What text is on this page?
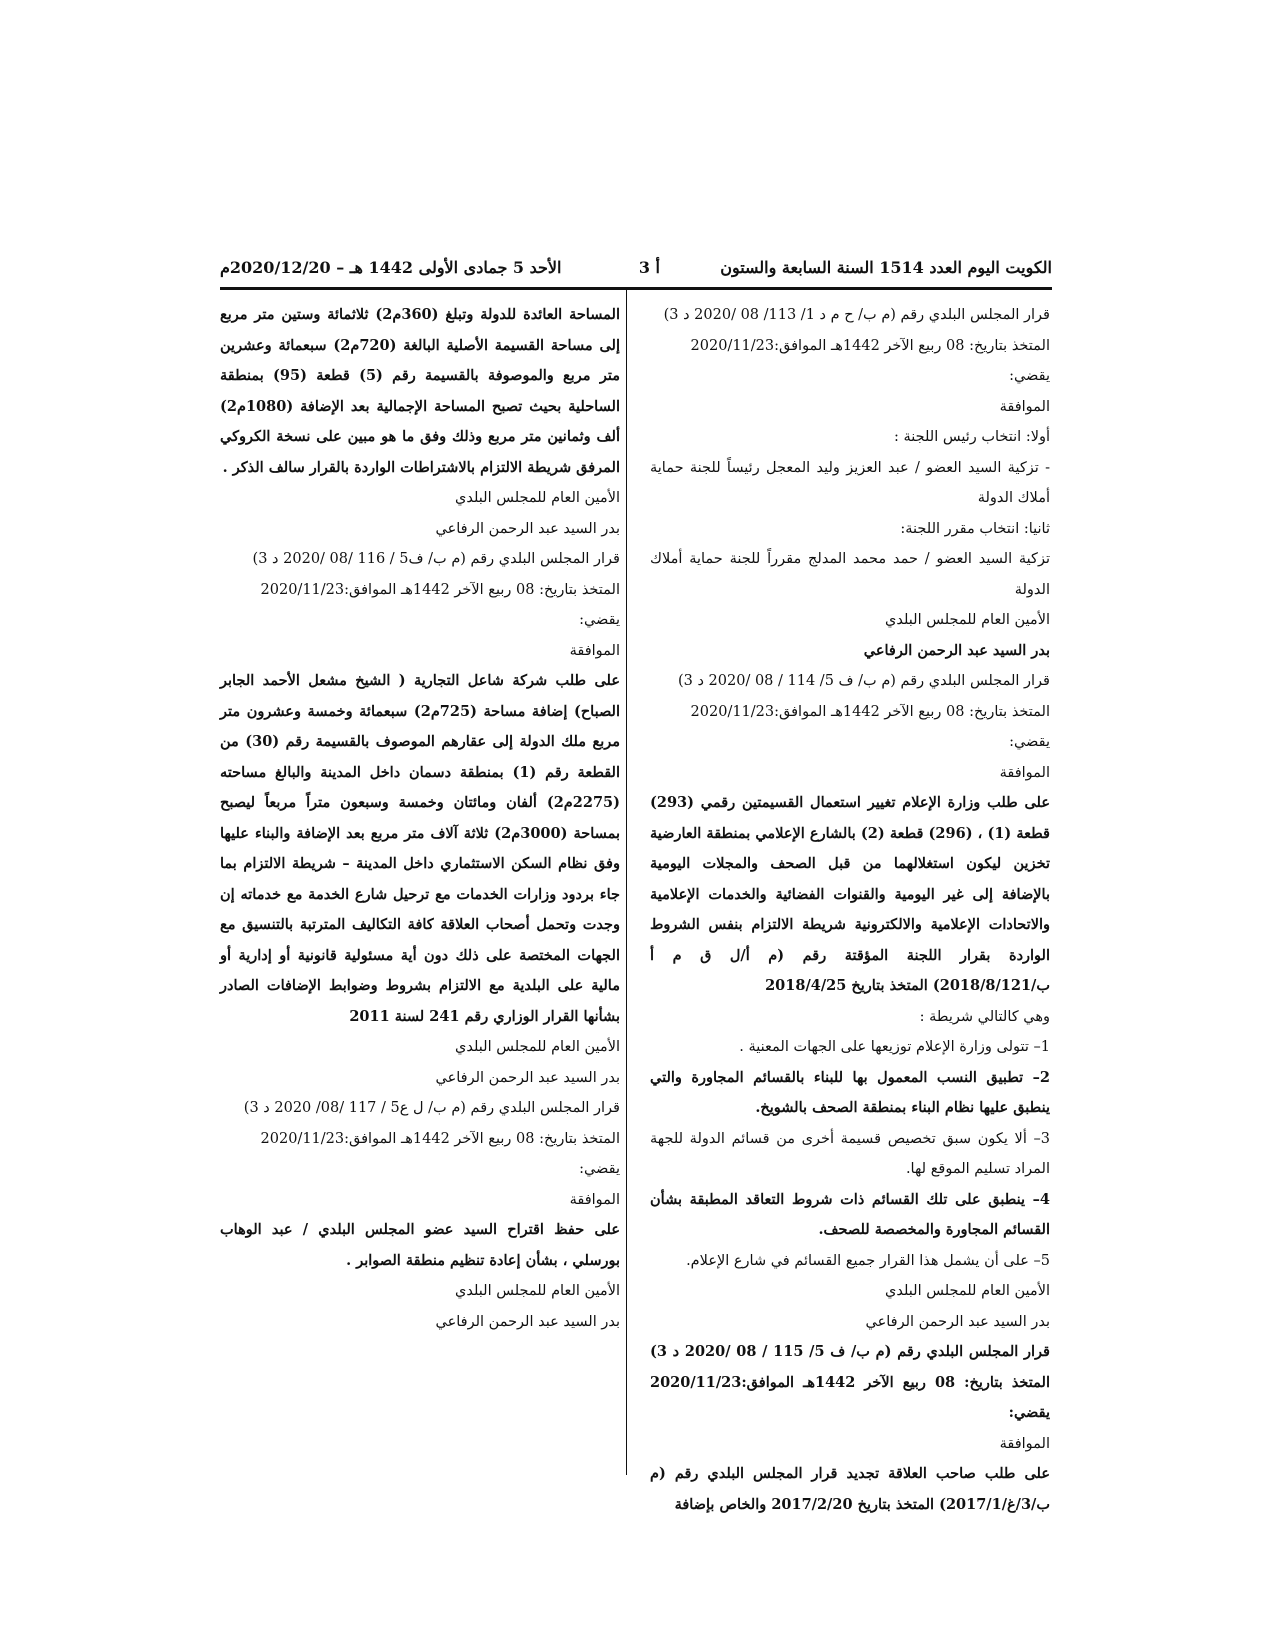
الكويت اليوم العدد 1514 السنة السابعة والستون
أ 3
الأحد 5 جمادى الأولى 1442 هـ – 2020/12/20م

قرار المجلس البلدي رقم (م ب/ ح م د 1/ 113/ 08 /2020 د 3)

المتخذ بتاريخ: 08 ربيع الآخر 1442هـ الموافق:2020/11/23

يقضي:

الموافقة

أولا: انتخاب رئيس اللجنة :

- تزكية السيد العضو / عبد العزيز وليد المعجل رئيساً للجنة حماية أملاك الدولة

ثانيا: انتخاب مقرر اللجنة:

تزكية السيد العضو / حمد محمد المدلج مقرراً للجنة حماية أملاك الدولة

الأمين العام للمجلس البلدي

بدر السيد عبد الرحمن الرفاعي

قرار المجلس البلدي رقم (م ب/ ف 5/ 114 / 08 /2020 د 3)

المتخذ بتاريخ: 08 ربيع الآخر 1442هـ الموافق:2020/11/23

يقضي:

الموافقة

على طلب وزارة الإعلام تغيير استعمال القسيمتين رقمي (293) قطعة (1) ، (296) قطعة (2) بالشارع الإعلامي بمنطقة العارضية تخزين ليكون استغلالهما من قبل الصحف والمجلات اليومية بالإضافة إلى غير اليومية والقنوات الفضائية والخدمات الإعلامية والاتحادات الإعلامية والالكترونية شريطة الالتزام بنفس الشروط الواردة بقرار اللجنة المؤقتة رقم (م أ/ل ق م أ ب/2018/8/121) المتخذ بتاريخ 2018/4/25

وهي كالتالي شريطة :

1– تتولى وزارة الإعلام توزيعها على الجهات المعنية .

2– تطبيق النسب المعمول بها للبناء بالقسائم المجاورة والتي ينطبق عليها نظام البناء بمنطقة الصحف بالشويخ.

3– ألا يكون سبق تخصيص قسيمة أخرى من قسائم الدولة للجهة المراد تسليم الموقع لها.

4– ينطبق على تلك القسائم ذات شروط التعاقد المطبقة بشأن القسائم المجاورة والمخصصة للصحف.

5– على أن يشمل هذا القرار جميع القسائم في شارع الإعلام.

الأمين العام للمجلس البلدي

بدر السيد عبد الرحمن الرفاعي

قرار المجلس البلدي رقم (م ب/ ف 5/ 115 / 08 /2020 د 3) المتخذ بتاريخ: 08 ربيع الآخر 1442هـ الموافق:2020/11/23 يقضي:

الموافقة

على طلب صاحب العلاقة تجديد قرار المجلس البلدي رقم (م ب/3/غ/2017/1) المتخذ بتاريخ 2017/2/20 والخاص بإضافة

المساحة العائدة للدولة وتبلغ (360م2) ثلاثمائة وستين متر مربع إلى مساحة القسيمة الأصلية البالغة (720م2) سبعمائة وعشرين متر مربع والموصوفة بالقسيمة رقم (5) قطعة (95) بمنطقة الساحلية بحيث تصبح المساحة الإجمالية بعد الإضافة (1080م2) ألف وثمانين متر مربع وذلك وفق ما هو مبين على نسخة الكروكي المرفق شريطة الالتزام بالاشتراطات الواردة بالقرار سالف الذكر .

الأمين العام للمجلس البلدي

بدر السيد عبد الرحمن الرفاعي

قرار المجلس البلدي رقم (م ب/ ف5 / 116 /08 /2020 د 3)

المتخذ بتاريخ: 08 ربيع الآخر 1442هـ الموافق:2020/11/23

يقضي:

الموافقة

على طلب شركة شاعل التجارية ( الشيخ مشعل الأحمد الجابر الصباح) إضافة مساحة (725م2) سبعمائة وخمسة وعشرون متر مربع ملك الدولة إلى عقارهم الموصوف بالقسيمة رقم (30) من القطعة رقم (1) بمنطقة دسمان داخل المدينة والبالغ مساحته (2275م2) ألفان ومائتان وخمسة وسبعون متراً مربعاً ليصبح بمساحة (3000م2) ثلاثة آلاف متر مربع بعد الإضافة والبناء عليها وفق نظام السكن الاستثماري داخل المدينة – شريطة الالتزام بما جاء بردود وزارات الخدمات مع ترحيل شارع الخدمة مع خدماته إن وجدت وتحمل أصحاب العلاقة كافة التكاليف المترتبة بالتنسيق مع الجهات المختصة على ذلك دون أية مسئولية قانونية أو إدارية أو مالية على البلدية مع الالتزام بشروط وضوابط الإضافات الصادر بشأنها القرار الوزاري رقم 241 لسنة 2011

الأمين العام للمجلس البلدي

بدر السيد عبد الرحمن الرفاعي

قرار المجلس البلدي رقم (م ب/ ل ع5 / 117 /08/ 2020 د 3)

المتخذ بتاريخ: 08 ربيع الآخر 1442هـ الموافق:2020/11/23

يقضي:

الموافقة

على حفظ اقتراح السيد عضو المجلس البلدي / عبد الوهاب بورسلي ، بشأن إعادة تنظيم منطقة الصوابر .

الأمين العام للمجلس البلدي

بدر السيد عبد الرحمن الرفاعي
